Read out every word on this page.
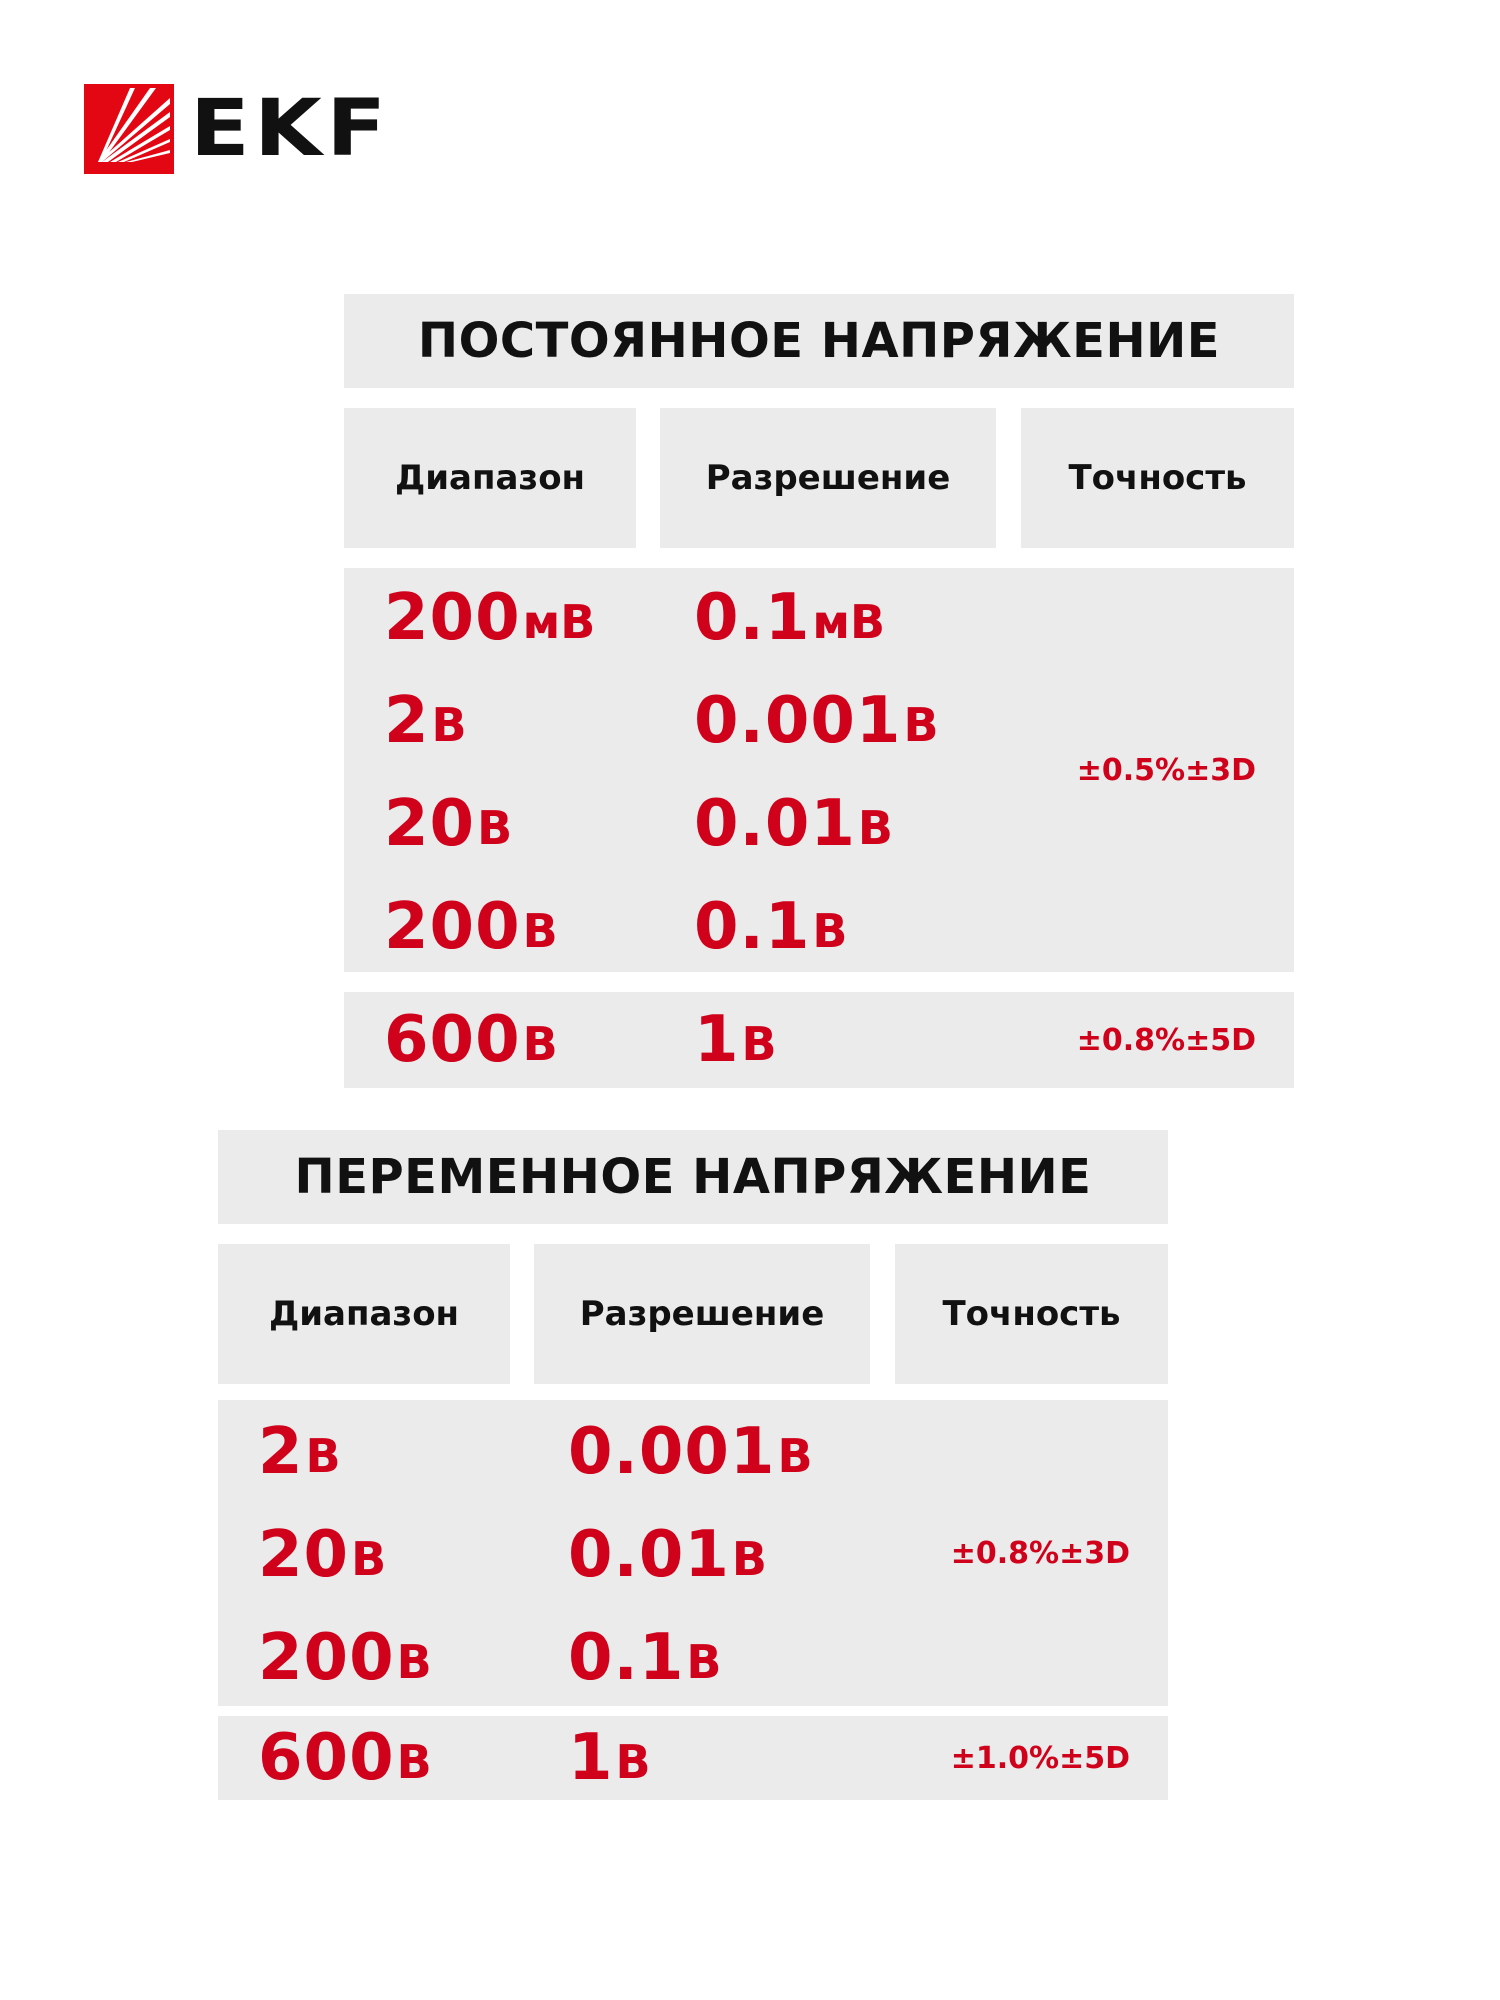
EKF
ПОСТОЯННОЕ НАПРЯЖЕНИЕ
Диапазон	Разрешение	Точность
200 мВ 0.1 мВ
2 В	0.001 В
20 В	0.01 В
200 В 0.1 В
±0.5%±3D
600 В 1 В	±0.8%±5D
ПЕРЕМЕННОЕ НАПРЯЖЕНИЕ
Диапазон	Разрешение	Точность
2 В	0.001 В
20 В	0.01 В
200 В 0.1 В
±0.8%±3D
600 В 1 В	±1.0%±5D
